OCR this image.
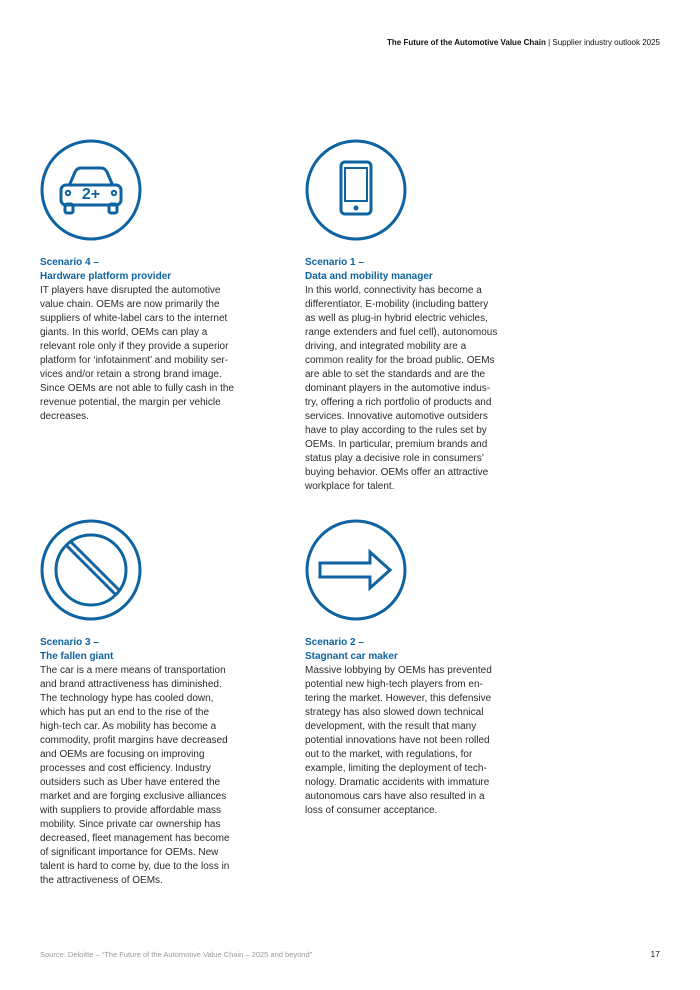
The Future of the Automotive Value Chain | Supplier industry outlook 2025
2+
Scenario 4 –
Hardware platform provider
IT players have disrupted the automotive
value chain. OEMs are now primarily the
suppliers of white-label cars to the internet
giants. In this world, OEMs can play a
relevant role only if they provide a superior
platform for ‘infotainment’ and mobility ser-
vices and/or retain a strong brand image.
Since OEMs are not able to fully cash in the
revenue potential, the margin per vehicle
decreases.
Scenario 1 –
Data and mobility manager
In this world, connectivity has become a
differentiator. E-mobility (including battery
as well as plug-in hybrid electric vehicles,
range extenders and fuel cell), autonomous
driving, and integrated mobility are a
common reality for the broad public. OEMs
are able to set the standards and are the
dominant players in the automotive indus-
try, offering a rich portfolio of products and
services. Innovative automotive outsiders
have to play according to the rules set by
OEMs. In particular, premium brands and
status play a decisive role in consumers’
buying behavior. OEMs offer an attractive
workplace for talent.
Scenario 3 –
The fallen giant
The car is a mere means of transportation
and brand attractiveness has diminished.
The technology hype has cooled down,
which has put an end to the rise of the
high-tech car. As mobility has become a
commodity, profit margins have decreased
and OEMs are focusing on improving
processes and cost efficiency. Industry
outsiders such as Uber have entered the
market and are forging exclusive alliances
with suppliers to provide affordable mass
mobility. Since private car ownership has
decreased, fleet management has become
of significant importance for OEMs. New
talent is hard to come by, due to the loss in
the attractiveness of OEMs.
Scenario 2 –
Stagnant car maker
Massive lobbying by OEMs has prevented
potential new high-tech players from en-
tering the market. However, this defensive
strategy has also slowed down technical
development, with the result that many
potential innovations have not been rolled
out to the market, with regulations, for
example, limiting the deployment of tech-
nology. Dramatic accidents with immature
autonomous cars have also resulted in a
loss of consumer acceptance.
Source: Deloitte – “The Future of the Automotive Value Chain – 2025 and beyond”	17
